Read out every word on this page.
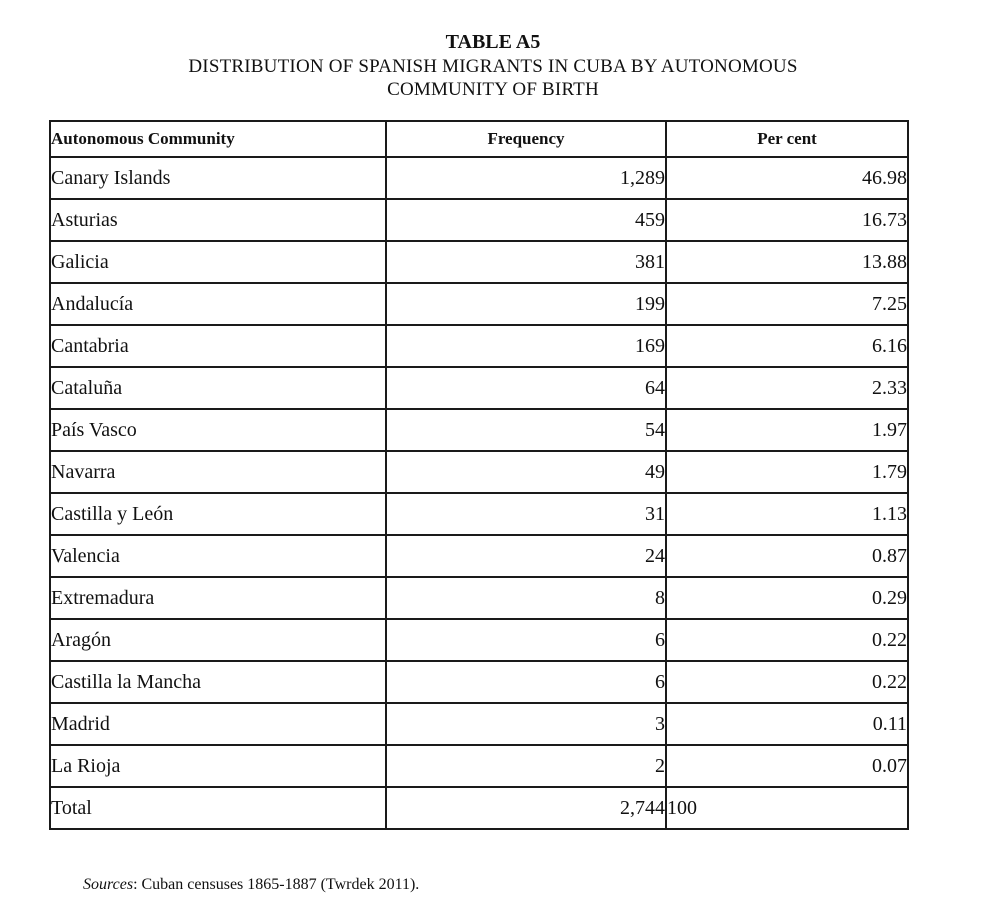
TABLE A5
DISTRIBUTION OF SPANISH MIGRANTS IN CUBA BY AUTONOMOUS
COMMUNITY OF BIRTH
Autonomous Community	Frequency	Per cent
Canary Islands	1,289	46.98
Asturias	459	16.73
Galicia	381	13.88
Andalucía	199	7.25
Cantabria	169	6.16
Cataluña	64	2.33
País Vasco	54	1.97
Navarra	49	1.79
Castilla y León	31	1.13
Valencia	24	0.87
Extremadura	8	0.29
Aragón	6	0.22
Castilla la Mancha	6	0.22
Madrid	3	0.11
La Rioja	2	0.07
Total	2,744	100
Sources: Cuban censuses 1865-1887 (Twrdek 2011).
